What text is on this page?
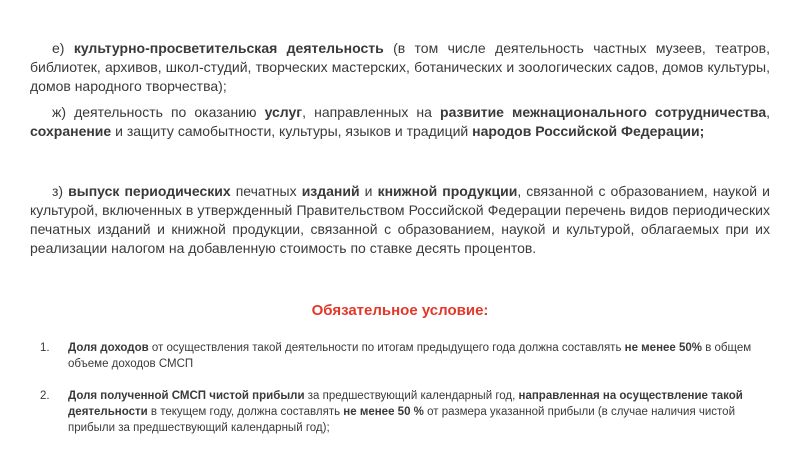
е) культурно-просветительская деятельность (в том числе деятельность частных музеев, театров, библиотек, архивов, школ-студий, творческих мастерских, ботанических и зоологических садов, домов культуры, домов народного творчества);

ж) деятельность по оказанию услуг, направленных на развитие межнационального сотрудничества, сохранение и защиту самобытности, культуры, языков и традиций народов Российской Федерации;

з) выпуск периодических печатных изданий и книжной продукции, связанной с образованием, наукой и культурой, включенных в утвержденный Правительством Российской Федерации перечень видов периодических печатных изданий и книжной продукции, связанной с образованием, наукой и культурой, облагаемых при их реализации налогом на добавленную стоимость по ставке десять процентов.

Обязательное условие:
1. Доля доходов от осуществления такой деятельности по итогам предыдущего года должна составлять не менее 50% в общем объеме доходов СМСП
2. Доля полученной СМСП чистой прибыли за предшествующий календарный год, направленная на осуществление такой деятельности в текущем году, должна составлять не менее 50 % от размера указанной прибыли (в случае наличия чистой прибыли за предшествующий календарный год);
